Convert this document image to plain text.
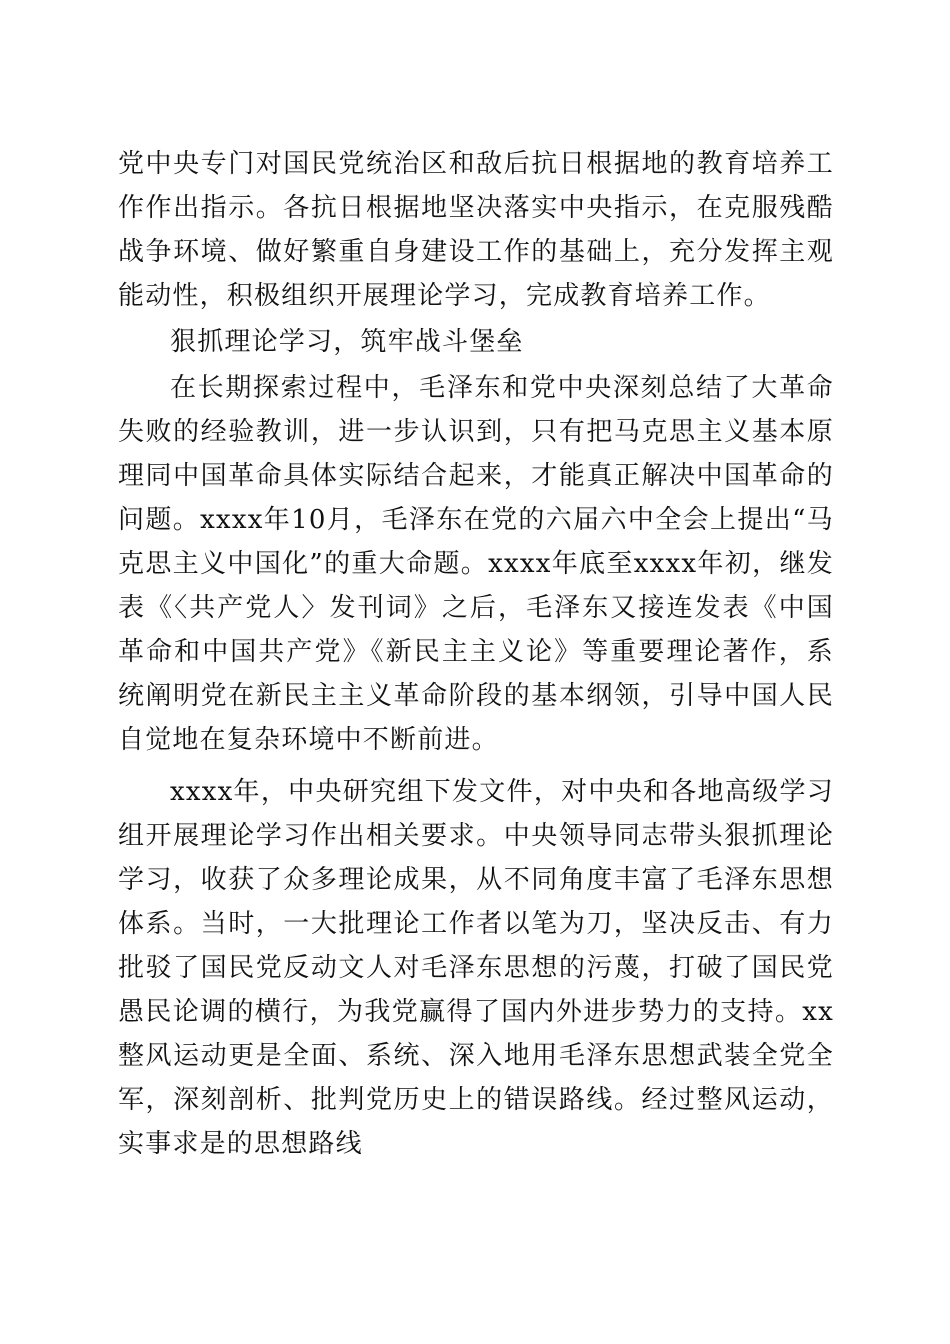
党中央专门对国民党统治区和敌后抗日根据地的教育培养工作作出指示。各抗日根据地坚决落实中央指示，在克服残酷战争环境、做好繁重自身建设工作的基础上，充分发挥主观能动性，积极组织开展理论学习，完成教育培养工作。

狠抓理论学习，筑牢战斗堡垒

在长期探索过程中，毛泽东和党中央深刻总结了大革命失败的经验教训，进一步认识到，只有把马克思主义基本原理同中国革命具体实际结合起来，才能真正解决中国革命的问题。xxxx年10月，毛泽东在党的六届六中全会上提出“马克思主义中国化”的重大命题。xxxx年底至xxxx年初，继发表《〈共产党人〉发刊词》之后，毛泽东又接连发表《中国革命和中国共产党》《新民主主义论》等重要理论著作，系统阐明党在新民主主义革命阶段的基本纲领，引导中国人民自觉地在复杂环境中不断前进。

xxxx年，中央研究组下发文件，对中央和各地高级学习组开展理论学习作出相关要求。中央领导同志带头狠抓理论学习，收获了众多理论成果，从不同角度丰富了毛泽东思想体系。当时，一大批理论工作者以笔为刀，坚决反击、有力批驳了国民党反动文人对毛泽东思想的污蔑，打破了国民党愚民论调的横行，为我党赢得了国内外进步势力的支持。xx整风运动更是全面、系统、深入地用毛泽东思想武装全党全军，深刻剖析、批判党历史上的错误路线。经过整风运动，实事求是的思想路线
